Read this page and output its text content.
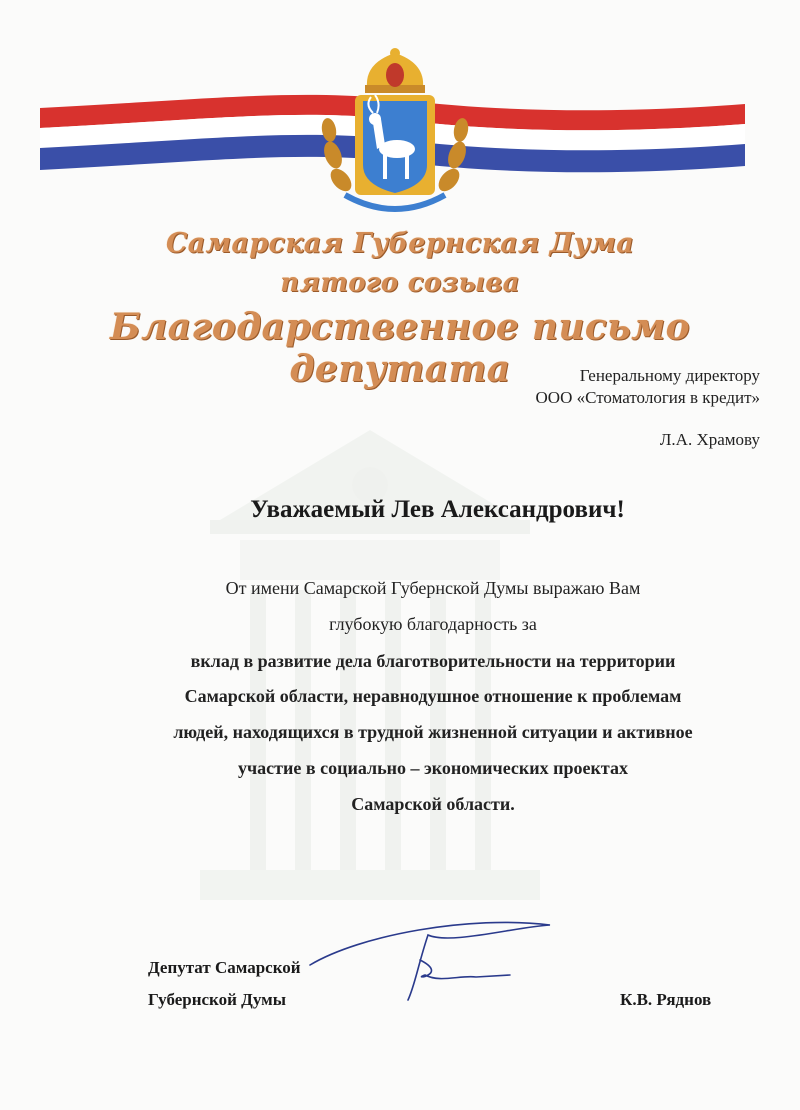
Самарская Губернская Дума
пятого созыва
Благодарственное письмо депутата	Генеральному директору
ООО «Стоматология в кредит»
Л.А. Храмову
Уважаемый Лев Александрович!
От имени Самарской Губернской Думы выражаю Вам
глубокую благодарность за
вклад в развитие дела благотворительности на территории
Самарской области, неравнодушное отношение к проблемам
людей, находящихся в трудной жизненной ситуации и активное
участие в социально – экономических проектах
Самарской области.
Депутат Самарской
Губернской Думы	К.В. Ряднов
